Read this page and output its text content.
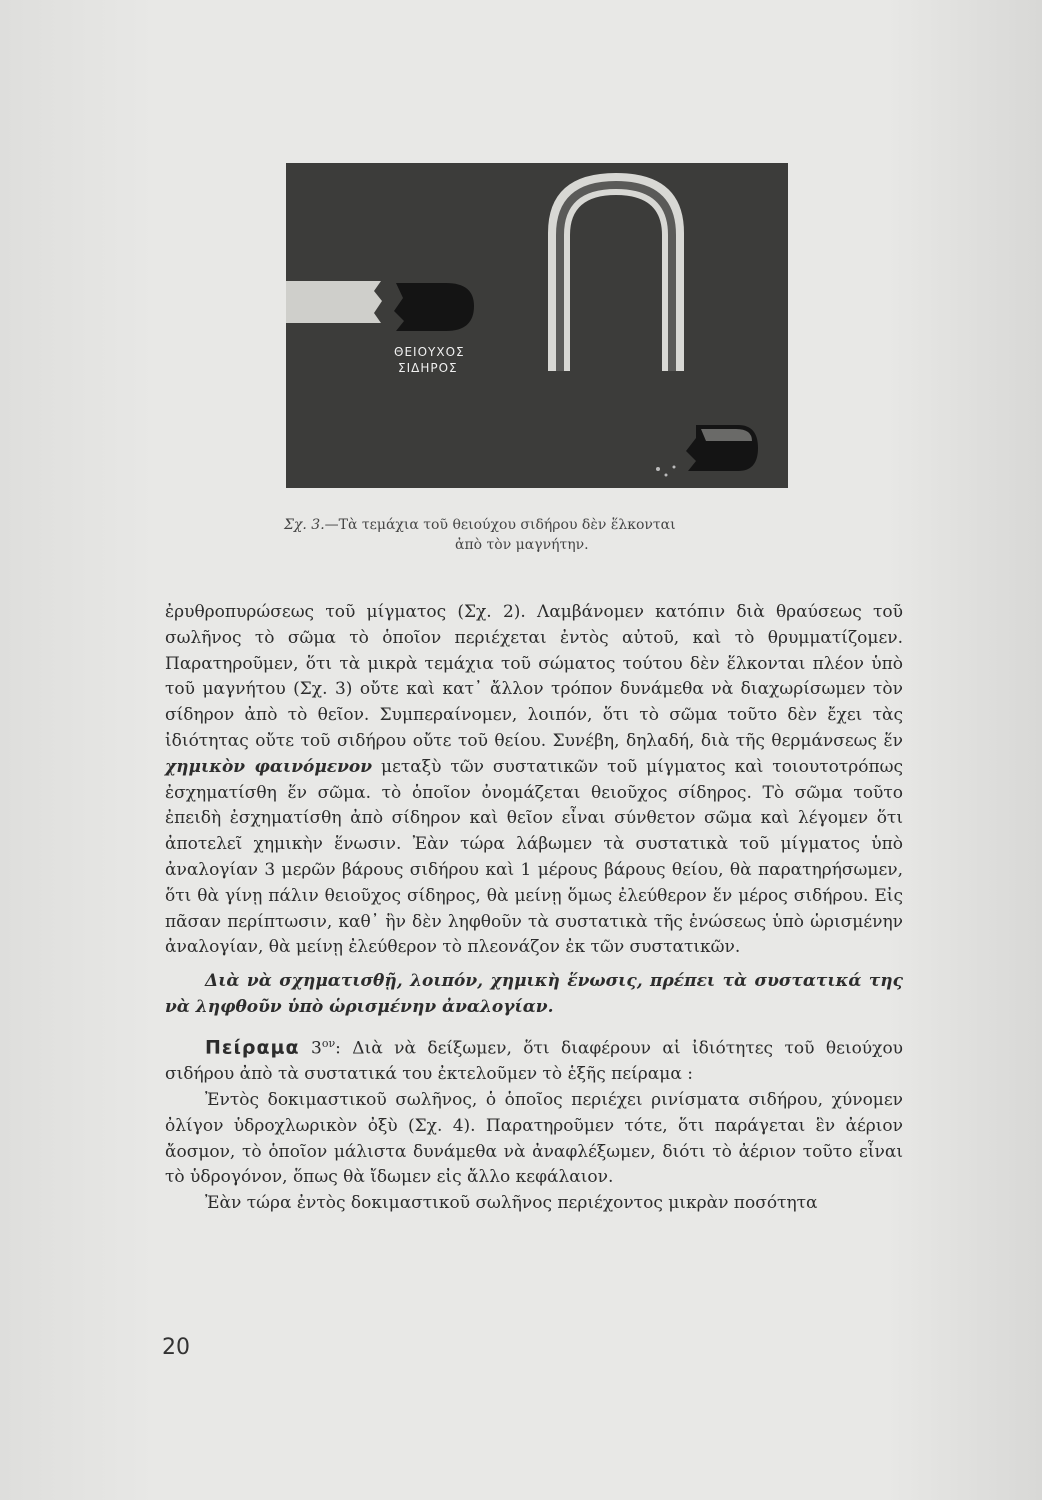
ΘΕΙΟΥΧΟΣ
ΣΙΔΗΡΟΣ
Σχ. 3.—Τὰ τεμάχια τοῦ θειούχου σιδήρου δὲν ἕλκονται
ἀπὸ τὸν μαγνήτην.

ἐρυθροπυρώσεως τοῦ μίγματος (Σχ. 2). Λαμβάνομεν κατόπιν διὰ θραύσεως τοῦ σωλῆνος τὸ σῶμα τὸ ὁποῖον περιέχεται ἐντὸς αὐτοῦ, καὶ τὸ θρυμματίζομεν. Παρατηροῦμεν, ὅτι τὰ μικρὰ τεμάχια τοῦ σώματος τούτου δὲν ἕλκονται πλέον ὑπὸ τοῦ μαγνήτου (Σχ. 3) οὔτε καὶ κατ᾽ ἄλλον τρόπον δυνάμεθα νὰ διαχωρίσωμεν τὸν σίδηρον ἀπὸ τὸ θεῖον. Συμπεραίνομεν, λοιπόν, ὅτι τὸ σῶμα τοῦτο δὲν ἔχει τὰς ἰδιότητας οὔτε τοῦ σιδήρου οὔτε τοῦ θείου. Συνέβη, δηλαδή, διὰ τῆς θερμάνσεως ἕν χημικὸν φαινόμενον μεταξὺ τῶν συστατικῶν τοῦ μίγματος καὶ τοιουτοτρόπως ἐσχηματίσθη ἕν σῶμα. τὸ ὁποῖον ὀνομάζεται θειοῦχος σίδηρος. Τὸ σῶμα τοῦτο ἐπειδὴ ἐσχηματίσθη ἀπὸ σίδηρον καὶ θεῖον εἶναι σύνθετον σῶμα καὶ λέγομεν ὅτι ἀποτελεῖ χημικὴν ἕνωσιν. Ἐὰν τώρα λάβωμεν τὰ συστατικὰ τοῦ μίγματος ὑπὸ ἀναλογίαν 3 μερῶν βάρους σιδήρου καὶ 1 μέρους βάρους θείου, θὰ παρατηρήσωμεν, ὅτι θὰ γίνῃ πάλιν θειοῦχος σίδηρος, θὰ μείνῃ ὅμως ἐλεύθερον ἕν μέρος σιδήρου. Εἰς πᾶσαν περίπτωσιν, καθ᾽ ἣν δὲν ληφθοῦν τὰ συστατικὰ τῆς ἑνώσεως ὑπὸ ὡρισμένην ἀναλογίαν, θὰ μείνῃ ἐλεύθερον τὸ πλεονάζον ἐκ τῶν συστατικῶν.

Διὰ νὰ σχηματισθῇ, λοιπόν, χημικὴ ἕνωσις, πρέπει τὰ συστατικά της νὰ ληφθοῦν ὑπὸ ὡρισμένην ἀναλογίαν.

Πείραμα $3^{o\nu}$: Διὰ νὰ δείξωμεν, ὅτι διαφέρουν αἱ ἰδιότητες τοῦ θειούχου σιδήρου ἀπὸ τὰ συστατικά του ἐκτελοῦμεν τὸ ἑξῆς πείραμα :

Ἐντὸς δοκιμαστικοῦ σωλῆνος, ὁ ὁποῖος περιέχει ρινίσματα σιδήρου, χύνομεν ὀλίγον ὑδροχλωρικὸν ὀξὺ (Σχ. 4). Παρατηροῦμεν τότε, ὅτι παράγεται ἓν ἀέριον ἄοσμον, τὸ ὁποῖον μάλιστα δυνάμεθα νὰ ἀναφλέξωμεν, διότι τὸ ἀέριον τοῦτο εἶναι τὸ ὑδρογόνον, ὅπως θὰ ἴδωμεν εἰς ἄλλο κεφάλαιον.

Ἐὰν τώρα ἐντὸς δοκιμαστικοῦ σωλῆνος περιέχοντος μικρὰν ποσότητα

20
